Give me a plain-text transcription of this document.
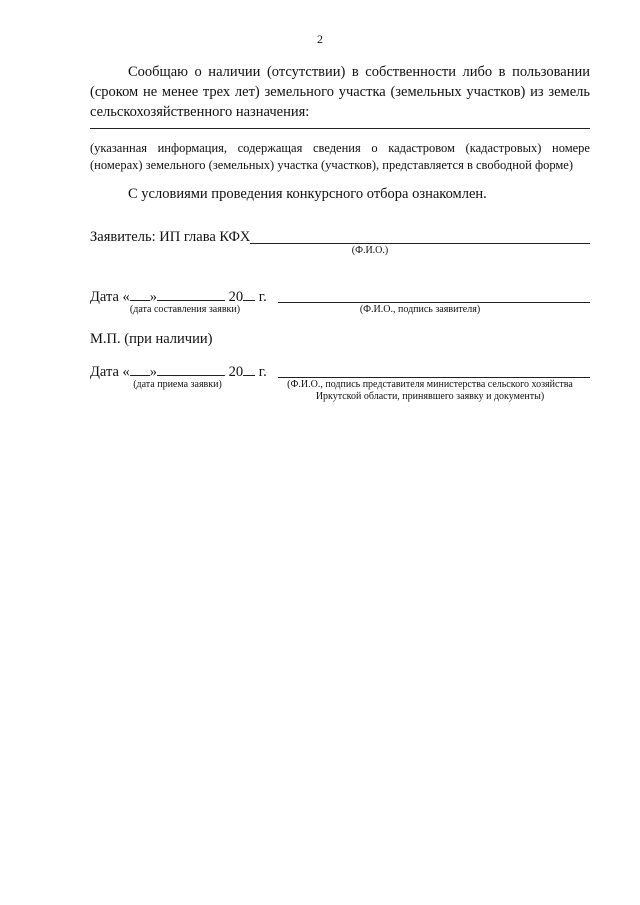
2
Сообщаю о наличии (отсутствии) в собственности либо в пользовании (сроком не менее трех лет) земельного участка (земельных участков) из земель сельскохозяйственного назначения:
(указанная информация, содержащая сведения о кадастровом (кадастровых) номере (номерах) земельного (земельных) участка (участков), представляется в свободной форме)
С условиями проведения конкурсного отбора ознакомлен.
Заявитель: ИП глава КФХ
(Ф.И.О.)
Дата « »	20 г.
(дата составления заявки)	(Ф.И.О., подпись заявителя)
М.П. (при наличии)
Дата « »	20 г.
(дата приема заявки)	(Ф.И.О., подпись представителя министерства сельского хозяйства Иркутской области, принявшего заявку и документы)
